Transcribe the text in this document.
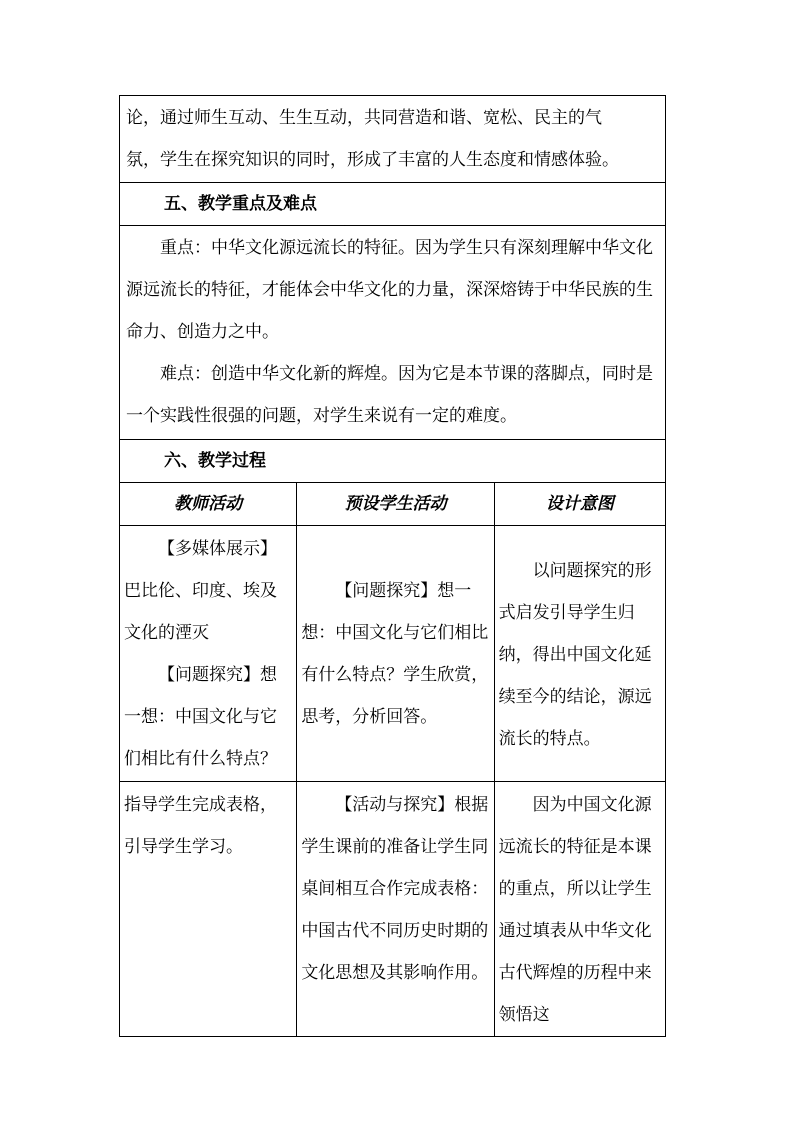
论，通过师生互动、生生互动，共同营造和谐、宽松、民主的气

氛，学生在探究知识的同时，形成了丰富的人生态度和情感体验。		

五、教学重点及难点		

重点：中华文化源远流长的特征。因为学生只有深刻理解中华文化源远流长的特征，才能体会中华文化的力量，深深熔铸于中华民族的生命力、创造力之中。

难点：创造中华文化新的辉煌。因为它是本节课的落脚点，同时是一个实践性很强的问题，对学生来说有一定的难度。		

六、教学过程		
教师活动	预设学生活动	设计意图

【多媒体展示】巴比伦、印度、埃及文化的湮灭

【问题探究】想一想：中国文化与它们相比有什么特点？	【问题探究】想一想：中国文化与它们相比有什么特点？学生欣赏，思考，分析回答。	以问题探究的形式启发引导学生归纳，得出中国文化延续至今的结论，源远流长的特点。

指导学生完成表格，引导学生学习。	【活动与探究】根据学生课前的准备让学生同桌间相互合作完成表格：中国古代不同历史时期的文化思想及其影响作用。	因为中国文化源远流长的特征是本课的重点，所以让学生通过填表从中华文化古代辉煌的历程中来领悟这
